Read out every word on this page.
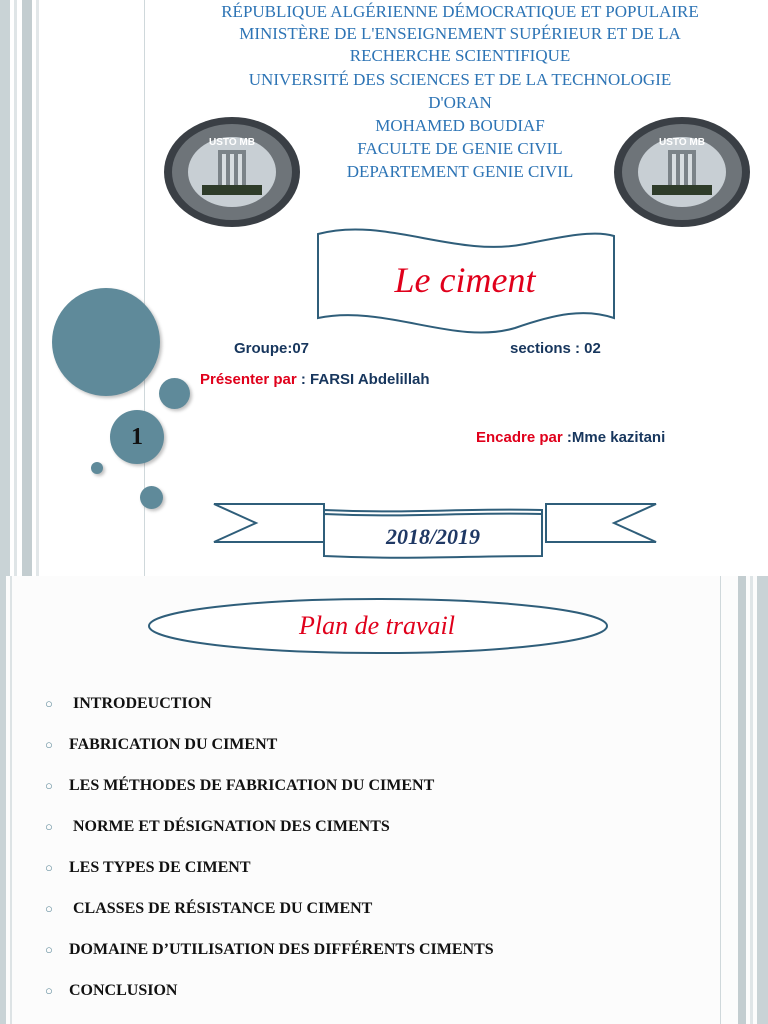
1
RÉPUBLIQUE ALGÉRIENNE DÉMOCRATIQUE ET POPULAIRE
MINISTÈRE DE L'ENSEIGNEMENT SUPÉRIEUR ET DE LA
RECHERCHE SCIENTIFIQUE
UNIVERSITÉ DES SCIENCES ET DE LA TECHNOLOGIE
D'ORAN
MOHAMED BOUDIAF
FACULTE DE GENIE CIVIL
DEPARTEMENT GENIE CIVIL
USTO MB	USTO MB
Le ciment
Groupe:07	sections : 02
Présenter par : FARSI Abdelillah
Encadre par :Mme kazitani
2018/2019
Plan de travail
○	INTRODEUCTION
○	FABRICATION DU CIMENT
○	LES MÉTHODES DE FABRICATION DU CIMENT
○	NORME ET DÉSIGNATION DES CIMENTS
○	LES TYPES DE CIMENT
○	CLASSES DE RÉSISTANCE DU CIMENT
○	DOMAINE D’UTILISATION DES DIFFÉRENTS CIMENTS
○	CONCLUSION
